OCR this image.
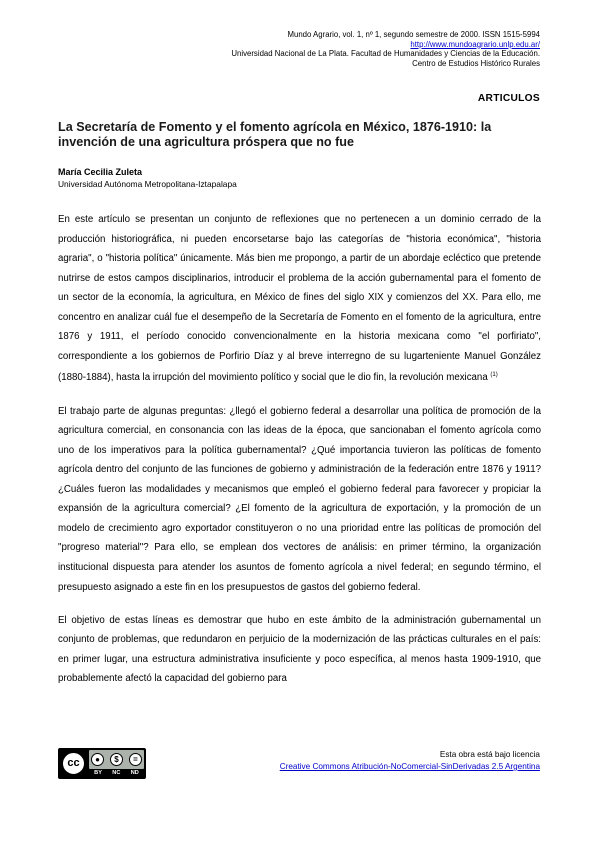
Mundo Agrario, vol. 1, nº 1, segundo semestre de 2000. ISSN 1515-5994
http://www.mundoagrario.unlp.edu.ar/
Universidad Nacional de La Plata. Facultad de Humanidades y Ciencias de la Educación.
Centro de Estudios Histórico Rurales
ARTICULOS
La Secretaría de Fomento y el fomento agrícola en México, 1876-1910: la invención de una agricultura próspera que no fue
María Cecilia Zuleta
Universidad Autónoma Metropolitana-Iztapalapa

En este artículo se presentan un conjunto de reflexiones que no pertenecen a un dominio cerrado de la producción historiográfica, ni pueden encorsetarse bajo las categorías de "historia económica", "historia agraria", o "historia política" únicamente. Más bien me propongo, a partir de un abordaje ecléctico que pretende nutrirse de estos campos disciplinarios, introducir el problema de la acción gubernamental para el fomento de un sector de la economía, la agricultura, en México de fines del siglo XIX y comienzos del XX. Para ello, me concentro en analizar cuál fue el desempeño de la Secretaría de Fomento en el fomento de la agricultura, entre 1876 y 1911, el período conocido convencionalmente en la historia mexicana como "el porfiriato", correspondiente a los gobiernos de Porfirio Díaz y al breve interregno de su lugarteniente Manuel González (1880-1884), hasta la irrupción del movimiento político y social que le dio fin, la revolución mexicana $^{(1)}$

El trabajo parte de algunas preguntas: ¿llegó el gobierno federal a desarrollar una política de promoción de la agricultura comercial, en consonancia con las ideas de la época, que sancionaban el fomento agrícola como uno de los imperativos para la política gubernamental? ¿Qué importancia tuvieron las políticas de fomento agrícola dentro del conjunto de las funciones de gobierno y administración de la federación entre 1876 y 1911? ¿Cuáles fueron las modalidades y mecanismos que empleó el gobierno federal para favorecer y propiciar la expansión de la agricultura comercial? ¿El fomento de la agricultura de exportación, y la promoción de un modelo de crecimiento agro exportador constituyeron o no una prioridad entre las políticas de promoción del "progreso material"? Para ello, se emplean dos vectores de análisis: en primer término, la organización institucional dispuesta para atender los asuntos de fomento agrícola a nivel federal; en segundo término, el presupuesto asignado a este fin en los presupuestos de gastos del gobierno federal.

El objetivo de estas líneas es demostrar que hubo en este ámbito de la administración gubernamental un conjunto de problemas, que redundaron en perjuicio de la modernización de las prácticas culturales en el país: en primer lugar, una estructura administrativa insuficiente y poco específica, al menos hasta 1909-1910, que probablemente afectó la capacidad del gobierno para

cc	●	$	=
BY NC ND
Esta obra está bajo licencia
Creative Commons Atribución-NoComercial-SinDerivadas 2.5 Argentina
